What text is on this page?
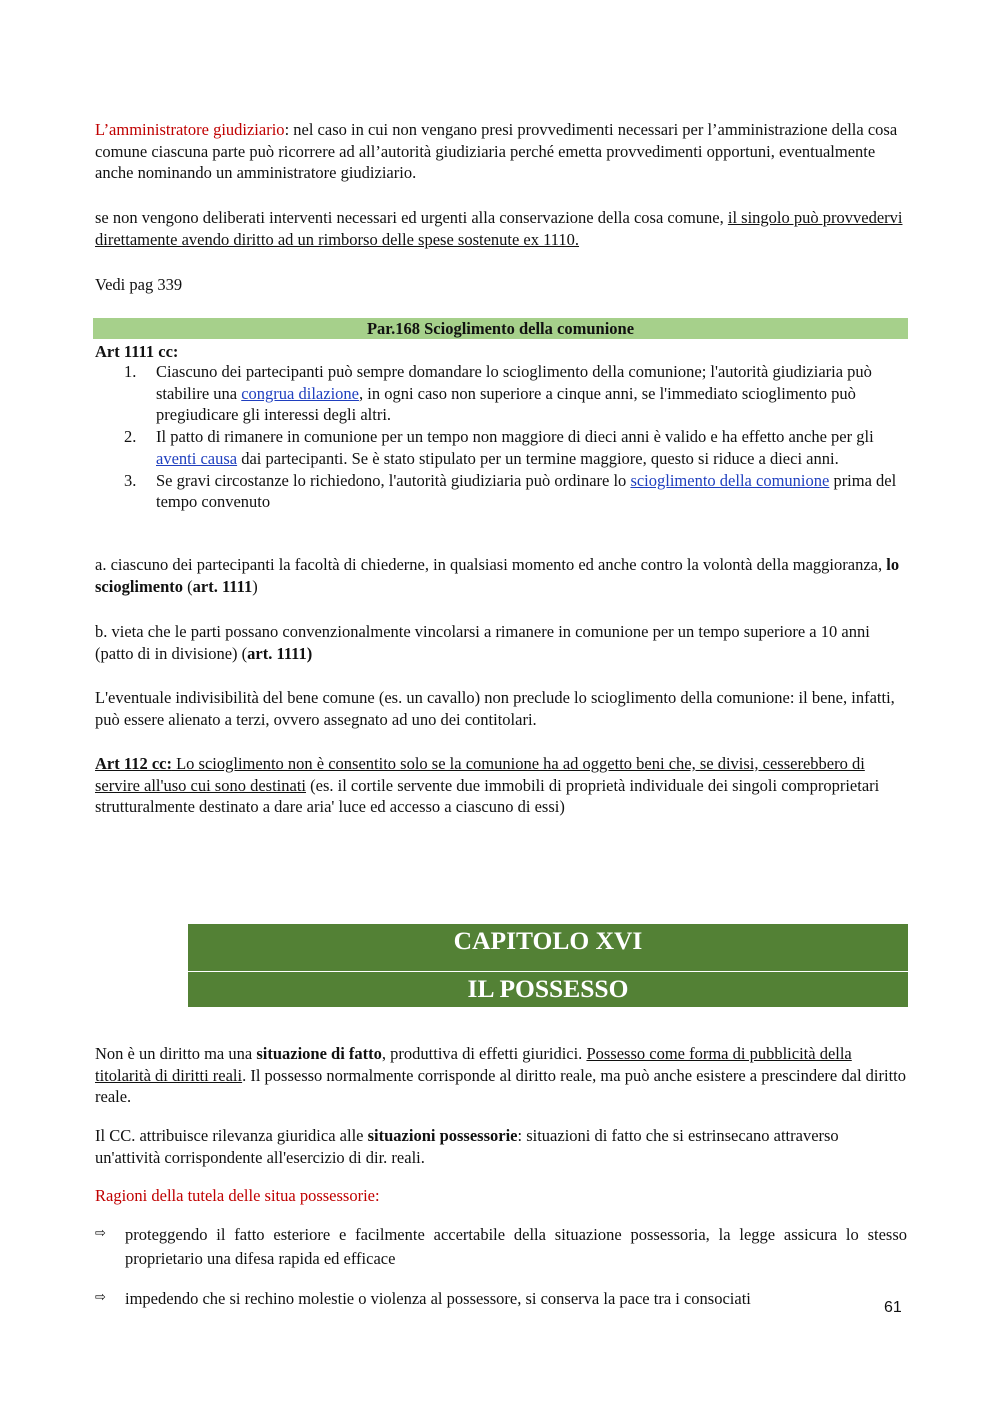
L’amministratore giudiziario: nel caso in cui non vengano presi provvedimenti necessari per l’amministrazione della cosa comune ciascuna parte può ricorrere ad all’autorità giudiziaria perché emetta provvedimenti opportuni, eventualmente anche nominando un amministratore giudiziario.

se non vengono deliberati interventi necessari ed urgenti alla conservazione della cosa comune, il singolo può provvedervi direttamente avendo diritto ad un rimborso delle spese sostenute ex 1110.

Vedi pag 339

Par.168 Scioglimento della comunione
Art 1111 cc:
1. Ciascuno dei partecipanti può sempre domandare lo scioglimento della comunione; l'autorità giudiziaria può stabilire una congrua dilazione, in ogni caso non superiore a cinque anni, se l'immediato scioglimento può pregiudicare gli interessi degli altri.
2. Il patto di rimanere in comunione per un tempo non maggiore di dieci anni è valido e ha effetto anche per gli aventi causa dai partecipanti. Se è stato stipulato per un termine maggiore, questo si riduce a dieci anni.
3. Se gravi circostanze lo richiedono, l'autorità giudiziaria può ordinare lo scioglimento della comunione prima del tempo convenuto

a. ciascuno dei partecipanti la facoltà di chiederne, in qualsiasi momento ed anche contro la volontà della maggioranza, lo scioglimento (art. 1111)

b. vieta che le parti possano convenzionalmente vincolarsi a rimanere in comunione per un tempo superiore a 10 anni (patto di in divisione) (art. 1111)

L'eventuale indivisibilità del bene comune (es. un cavallo) non preclude lo scioglimento della comunione: il bene, infatti, può essere alienato a terzi, ovvero assegnato ad uno dei contitolari.

Art 112 cc: Lo scioglimento non è consentito solo se la comunione ha ad oggetto beni che, se divisi, cesserebbero di servire all'uso cui sono destinati (es. il cortile servente due immobili di proprietà individuale dei singoli comproprietari strutturalmente destinato a dare aria' luce ed accesso a ciascuno di essi)

CAPITOLO XVI
IL POSSESSO

Non è un diritto ma una situazione di fatto, produttiva di effetti giuridici. Possesso come forma di pubblicità della titolarità di diritti reali. Il possesso normalmente corrisponde al diritto reale, ma può anche esistere a prescindere dal diritto reale.

Il CC. attribuisce rilevanza giuridica alle situazioni possessorie: situazioni di fatto che si estrinsecano attraverso un'attività corrispondente all'esercizio di dir. reali.

Ragioni della tutela delle situa possessorie:
⇨ proteggendo il fatto esteriore e facilmente accertabile della situazione possessoria, la legge assicura lo stesso proprietario una difesa rapida ed efficace
⇨ impedendo che si rechino molestie o violenza al possessore, si conserva la pace tra i consociati	61
